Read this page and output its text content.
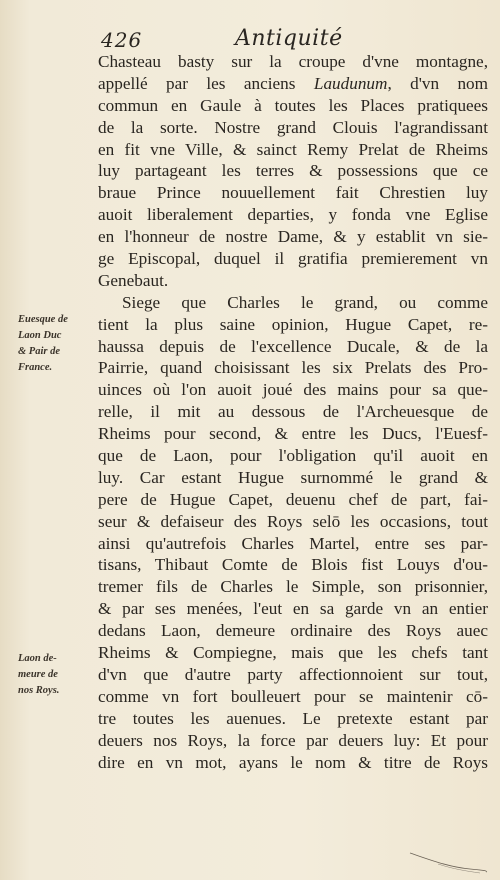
426	Antiquité
Euesque de
Laon Duc
& Pair de
France.
Laon de-
meure de
nos Roys.
Chasteau basty sur la croupe d'vne montagne,
appellé par les anciens Laudunum, d'vn nom
commun en Gaule à toutes les Places pratiquees
de la sorte. Nostre grand Clouis l'agrandissant
en fit vne Ville, & sainct Remy Prelat de Rheims
luy partageant les terres & possessions que ce
braue Prince nouuellement fait Chrestien luy
auoit liberalement departies, y fonda vne Eglise
en l'honneur de nostre Dame, & y establit vn sie-
ge Episcopal, duquel il gratifia premierement vn
Genebaut.
Siege que Charles le grand, ou comme
tient la plus saine opinion, Hugue Capet, re-
haussa depuis de l'excellence Ducale, & de la
Pairrie, quand choisissant les six Prelats des Pro-
uinces où l'on auoit joué des mains pour sa que-
relle, il mit au dessous de l'Archeuesque de
Rheims pour second, & entre les Ducs, l'Euesf-
que de Laon, pour l'obligation qu'il auoit en
luy. Car estant Hugue surnommé le grand &
pere de Hugue Capet, deuenu chef de part, fai-
seur & defaiseur des Roys selō les occasions, tout
ainsi qu'autrefois Charles Martel, entre ses par-
tisans, Thibaut Comte de Blois fist Louys d'ou-
tremer fils de Charles le Simple, son prisonnier,
& par ses menées, l'eut en sa garde vn an entier
dedans Laon, demeure ordinaire des Roys auec
Rheims & Compiegne, mais que les chefs tant
d'vn que d'autre party affectionnoient sur tout,
comme vn fort boulleuert pour se maintenir cō-
tre toutes les auenues. Le pretexte estant par
deuers nos Roys, la force par deuers luy: Et pour
dire en vn mot, ayans le nom & titre de Roys
